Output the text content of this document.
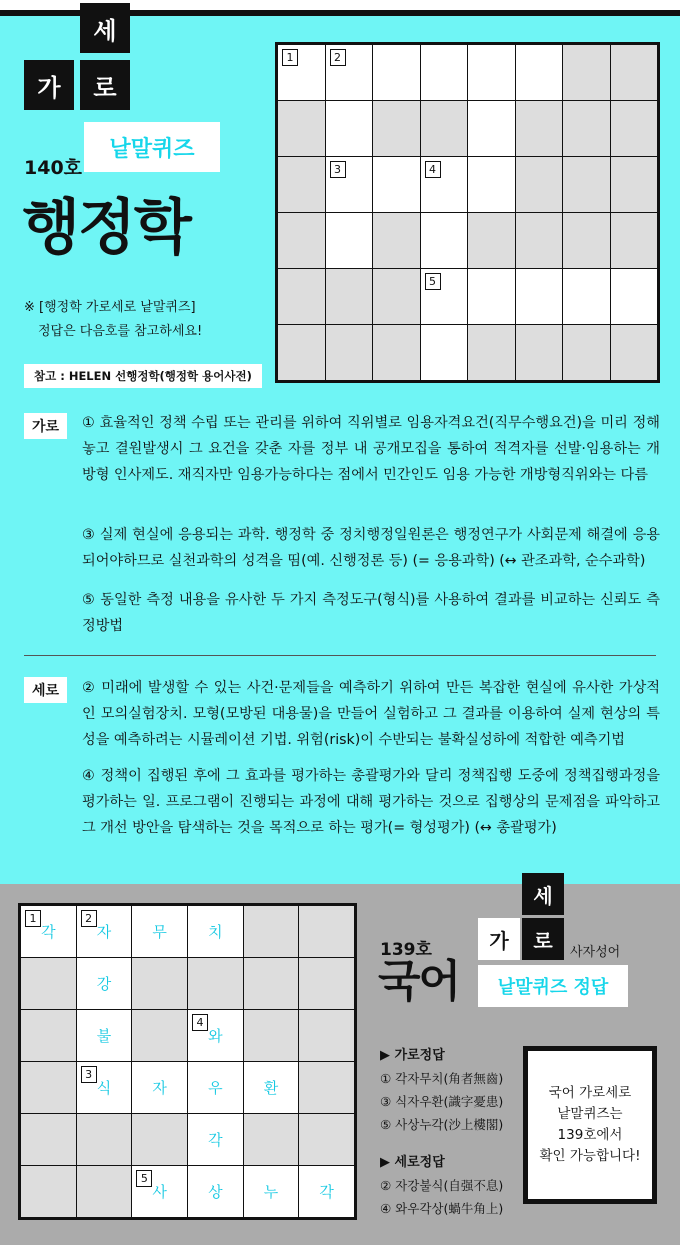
세
가	로
낱말퀴즈
140호
행정학
※ [행정학 가로세로 낱말퀴즈]
정답은 다음호를 참고하세요!
참고 : HELEN 선행정학(행정학 용어사전)
1	2
3	4
5
가로	① 효율적인 정책 수립 또는 관리를 위하여 직위별로 임용자격요건(직무수행요건)을 미리 정해 놓고 결원발생시 그 요건을 갖춘 자를 정부 내 공개모집을 통하여 적격자를 선발·임용하는 개방형 인사제도. 재직자만 임용가능하다는 점에서 민간인도 임용 가능한 개방형직위와는 다름
③ 실제 현실에 응용되는 과학. 행정학 중 정치행정일원론은 행정연구가 사회문제 해결에 응용되어야하므로 실천과학의 성격을 띰(예. 신행정론 등) (= 응용과학) (↔ 관조과학, 순수과학)
⑤ 동일한 측정 내용을 유사한 두 가지 측정도구(형식)를 사용하여 결과를 비교하는 신뢰도 측정방법
세로	② 미래에 발생할 수 있는 사건·문제들을 예측하기 위하여 만든 복잡한 현실에 유사한 가상적인 모의실험장치. 모형(모방된 대용물)을 만들어 실험하고 그 결과를 이용하여 실제 현상의 특성을 예측하려는 시뮬레이션 기법. 위험(risk)이 수반되는 불확실성하에 적합한 예측기법
④ 정책이 집행된 후에 그 효과를 평가하는 총괄평가와 달리 정책집행 도중에 정책집행과정을 평가하는 일. 프로그램이 진행되는 과정에 대해 평가하는 것으로 집행상의 문제점을 파악하고 그 개선 방안을 탐색하는 것을 목적으로 하는 평가(= 형성평가) (↔ 총괄평가)
1
각
2
자	무	치
강
불
4
와
3
식	자	우	환
각
5
사	상	누	각
세
가	로	사자성어
139호
국어	낱말퀴즈 정답
▶ 가로정답
① 각자무치(角者無齒)
③ 식자우환(識字憂患)
⑤ 사상누각(沙上樓閣)
▶ 세로정답
② 자강불식(自强不息)
④ 와우각상(蝸牛角上)
국어 가로세로
낱말퀴즈는
139호에서
확인 가능합니다!
